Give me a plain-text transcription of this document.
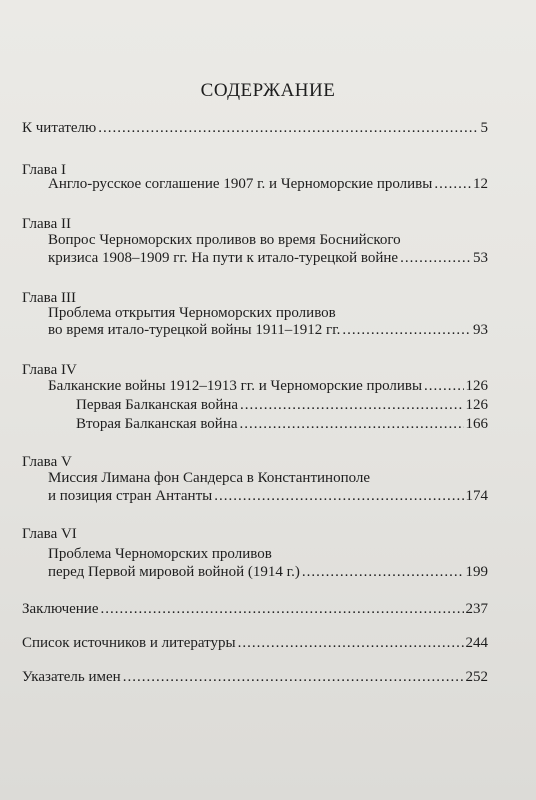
СОДЕРЖАНИЕ
К читателю .....	5
Глава I
Англо-русское соглашение 1907 г. и Черноморские проливы .....	12
Глава II
Вопрос Черноморских проливов во время Боснийского
кризиса 1908–1909 гг. На пути к итало-турецкой войне .....	53
Глава III
Проблема открытия Черноморских проливов
во время итало-турецкой войны 1911–1912 гг. .....	93
Глава IV
Балканские войны 1912–1913 гг. и Черноморские проливы .....	126
Первая Балканская война .....	126
Вторая Балканская война .....	166
Глава V
Миссия Лимана фон Сандерса в Константинополе
и позиция стран Антанты .....	174
Глава VI
Проблема Черноморских проливов
перед Первой мировой войной (1914 г.) .....	199
Заключение .....	237
Список источников и литературы .....	244
Указатель имен .....	252
